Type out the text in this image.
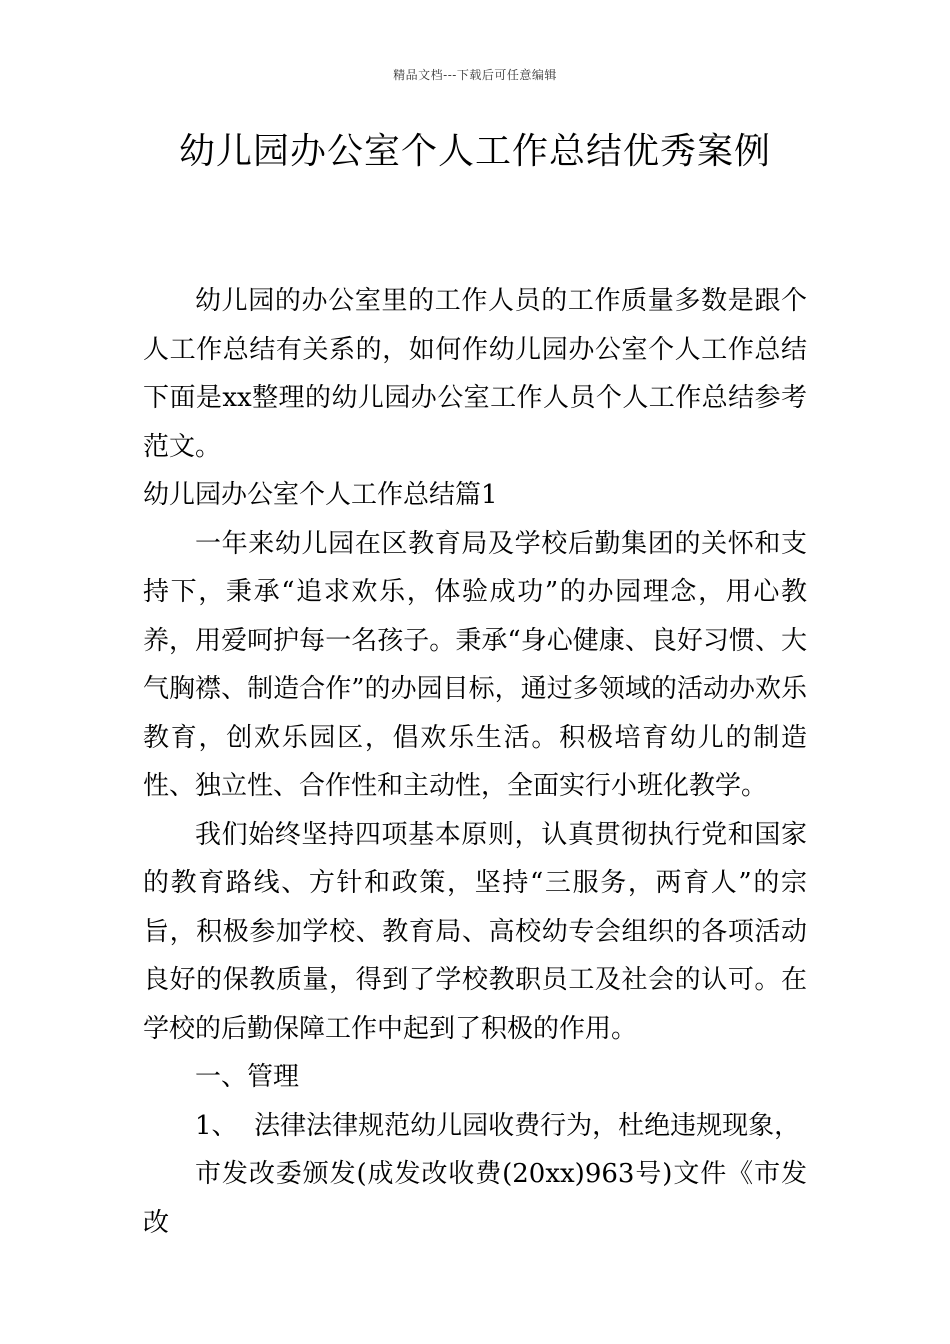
精品文档---下载后可任意编辑
幼儿园办公室个人工作总结优秀案例

幼儿园的办公室里的工作人员的工作质量多数是跟个人工作总结有关系的，如何作幼儿园办公室个人工作总结下面是xx整理的幼儿园办公室工作人员个人工作总结参考范文。

幼儿园办公室个人工作总结篇1

一年来幼儿园在区教育局及学校后勤集团的关怀和支持下，秉承“追求欢乐，体验成功”的办园理念，用心教养，用爱呵护每一名孩子。秉承“身心健康、良好习惯、大气胸襟、制造合作”的办园目标，通过多领域的活动办欢乐教育，创欢乐园区，倡欢乐生活。积极培育幼儿的制造性、独立性、合作性和主动性，全面实行小班化教学。

我们始终坚持四项基本原则，认真贯彻执行党和国家的教育路线、方针和政策，坚持“三服务，两育人”的宗旨，积极参加学校、教育局、高校幼专会组织的各项活动良好的保教质量，得到了学校教职员工及社会的认可。在学校的后勤保障工作中起到了积极的作用。

一、管理

1、  法律法律规范幼儿园收费行为，杜绝违规现象，

市发改委颁发(成发改收费(20xx)963号)文件《市发改
